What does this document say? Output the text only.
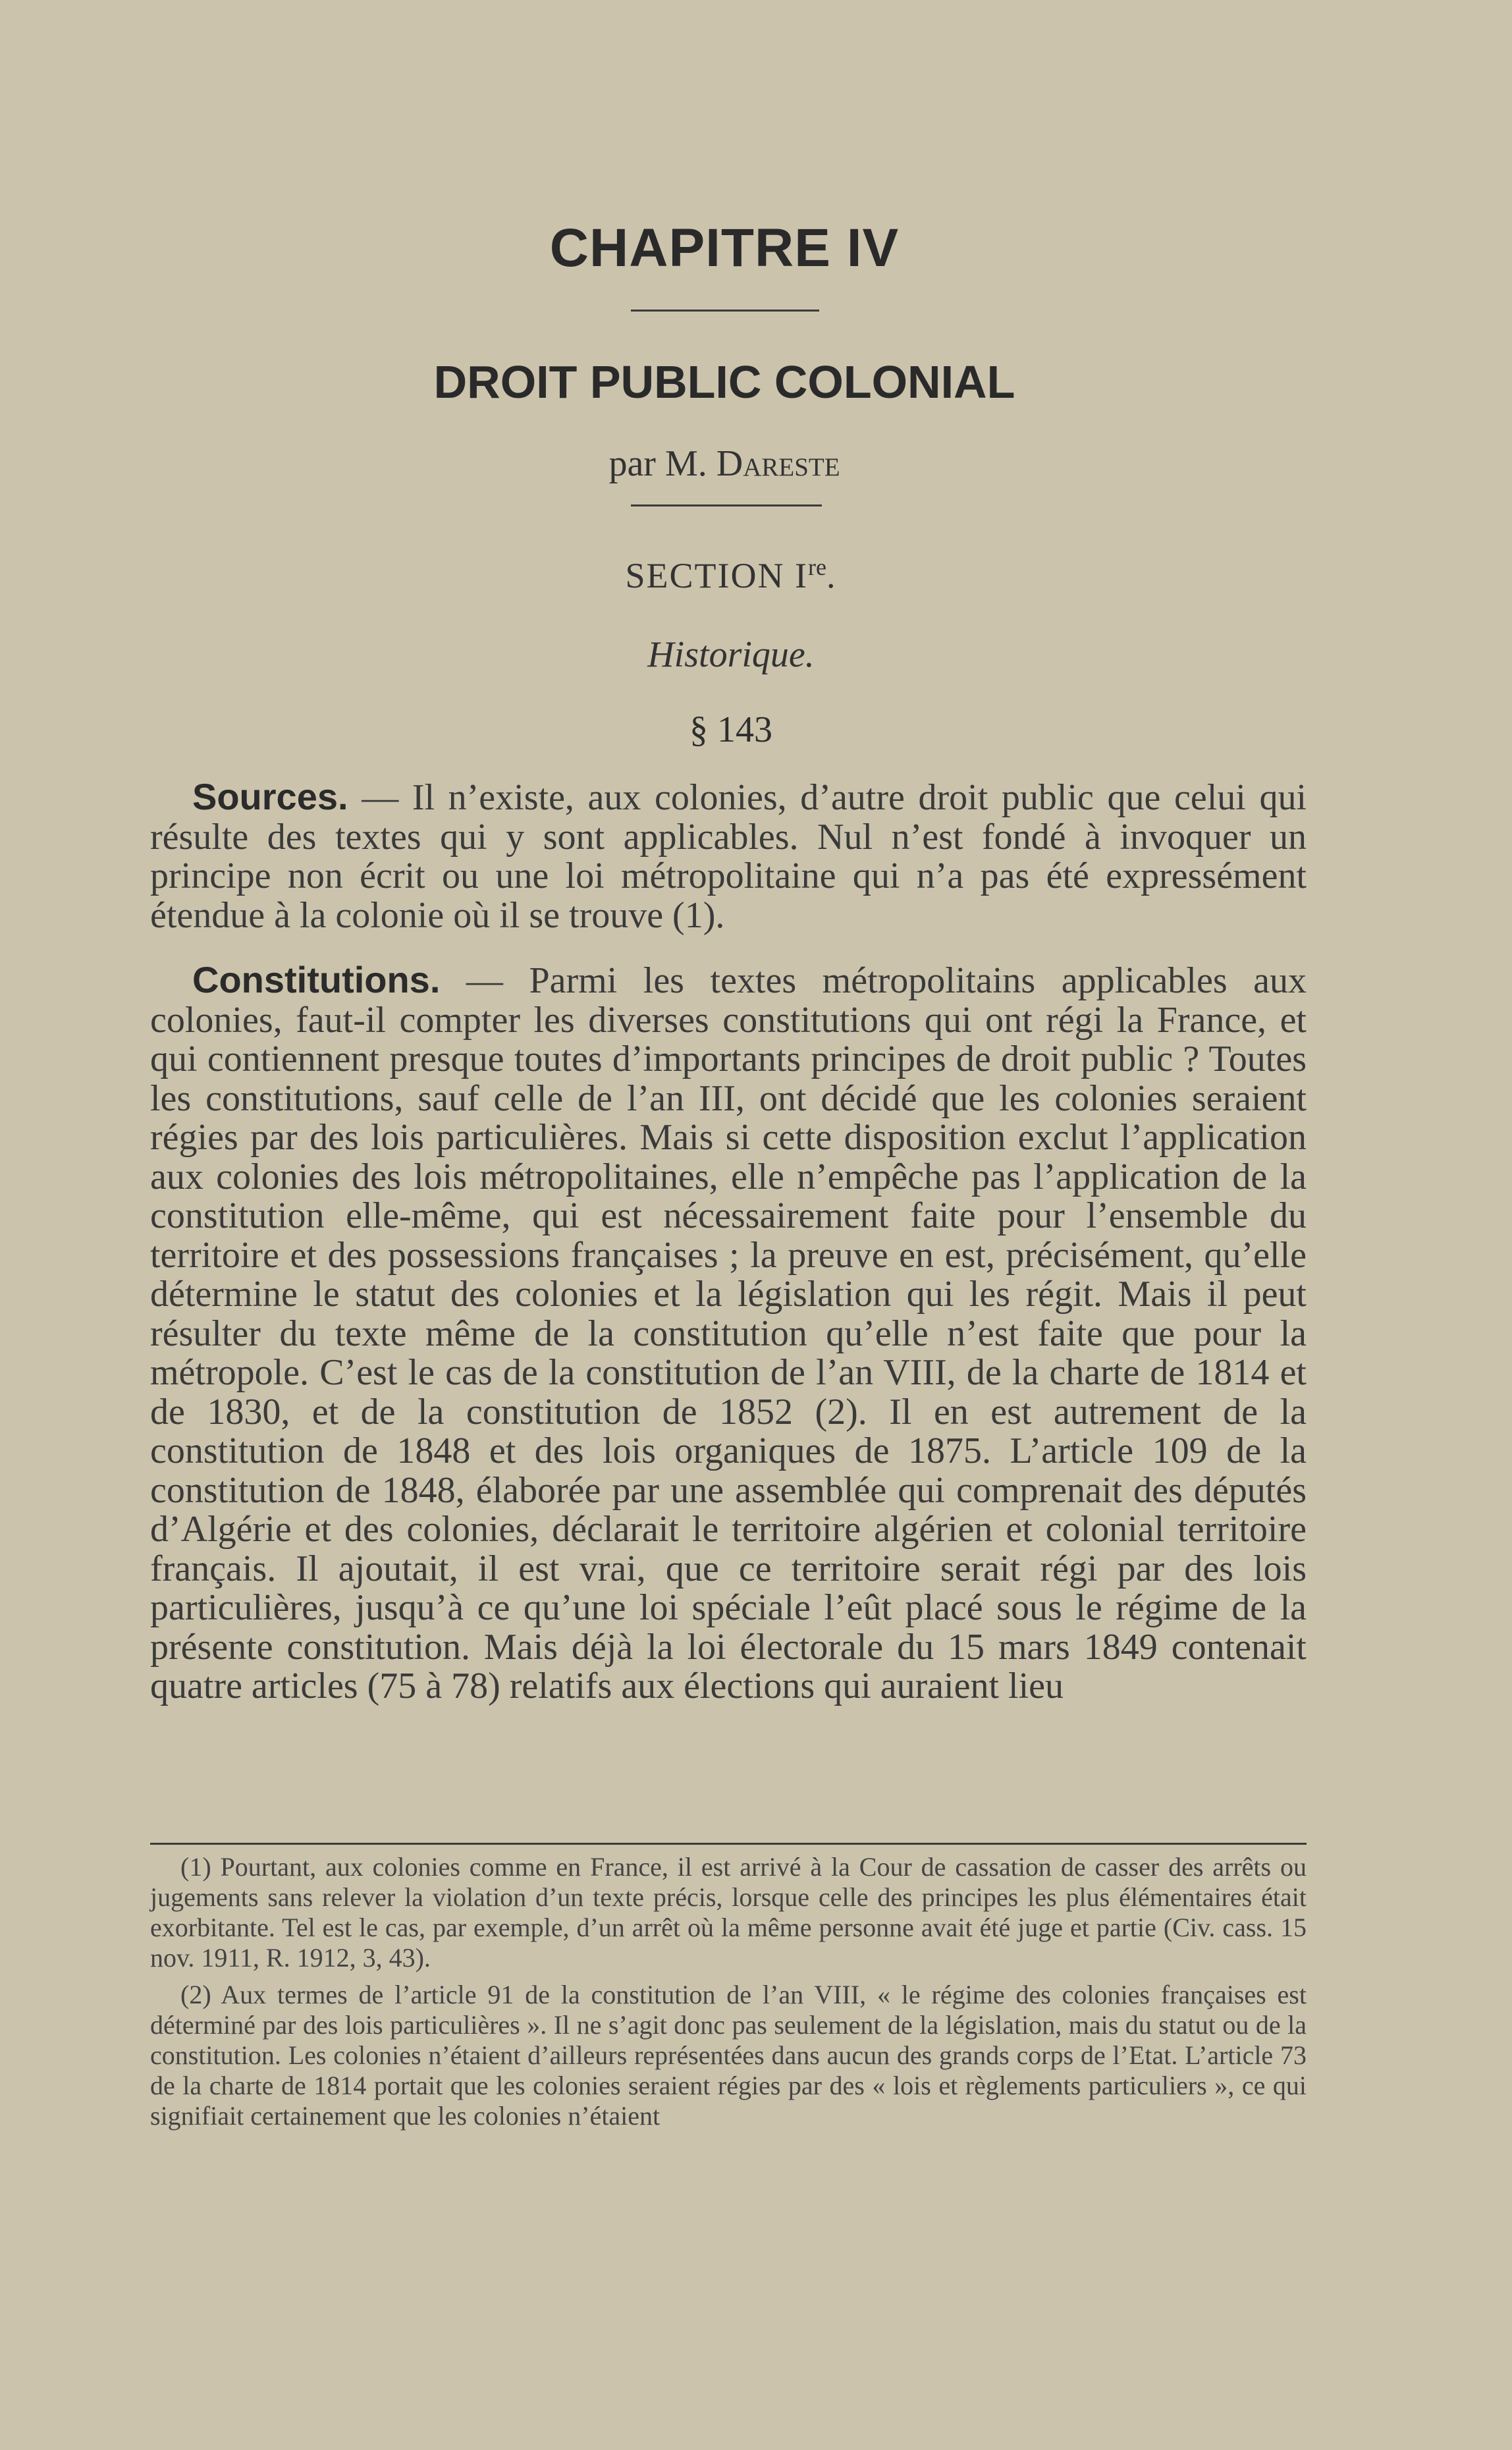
CHAPITRE IV
DROIT PUBLIC COLONIAL
par M. Dareste
SECTION Ire.
Historique.
§ 143

Sources. — Il n’existe, aux colonies, d’autre droit public que celui qui résulte des textes qui y sont applicables. Nul n’est fondé à invoquer un principe non écrit ou une loi métropolitaine qui n’a pas été expressément étendue à la colonie où il se trouve (1).

Constitutions. — Parmi les textes métropolitains applicables aux colonies, faut-il compter les diverses constitutions qui ont régi la France, et qui contiennent presque toutes d’importants principes de droit public ? Toutes les constitutions, sauf celle de l’an III, ont décidé que les colonies seraient régies par des lois particulières. Mais si cette disposition exclut l’application aux colonies des lois métropolitaines, elle n’empêche pas l’application de la constitution elle-même, qui est nécessairement faite pour l’ensemble du territoire et des possessions françaises ; la preuve en est, précisément, qu’elle détermine le statut des colonies et la législation qui les régit. Mais il peut résulter du texte même de la constitution qu’elle n’est faite que pour la métropole. C’est le cas de la constitution de l’an VIII, de la charte de 1814 et de 1830, et de la constitution de 1852 (2). Il en est autrement de la constitution de 1848 et des lois organiques de 1875. L’article 109 de la constitution de 1848, élaborée par une assemblée qui comprenait des députés d’Algérie et des colonies, déclarait le territoire algérien et colonial territoire français. Il ajoutait, il est vrai, que ce territoire serait régi par des lois particulières, jusqu’à ce qu’une loi spéciale l’eût placé sous le régime de la présente constitution. Mais déjà la loi électorale du 15 mars 1849 contenait quatre articles (75 à 78) relatifs aux élections qui auraient lieu

(1) Pourtant, aux colonies comme en France, il est arrivé à la Cour de cassation de casser des arrêts ou jugements sans relever la violation d’un texte précis, lorsque celle des principes les plus élémentaires était exorbitante. Tel est le cas, par exemple, d’un arrêt où la même personne avait été juge et partie (Civ. cass. 15 nov. 1911, R. 1912, 3, 43).

(2) Aux termes de l’article 91 de la constitution de l’an VIII, « le régime des colonies françaises est déterminé par des lois particulières ». Il ne s’agit donc pas seulement de la législation, mais du statut ou de la constitution. Les colonies n’étaient d’ailleurs représentées dans aucun des grands corps de l’Etat. L’article 73 de la charte de 1814 portait que les colonies seraient régies par des « lois et règlements particuliers », ce qui signifiait certainement que les colonies n’étaient
